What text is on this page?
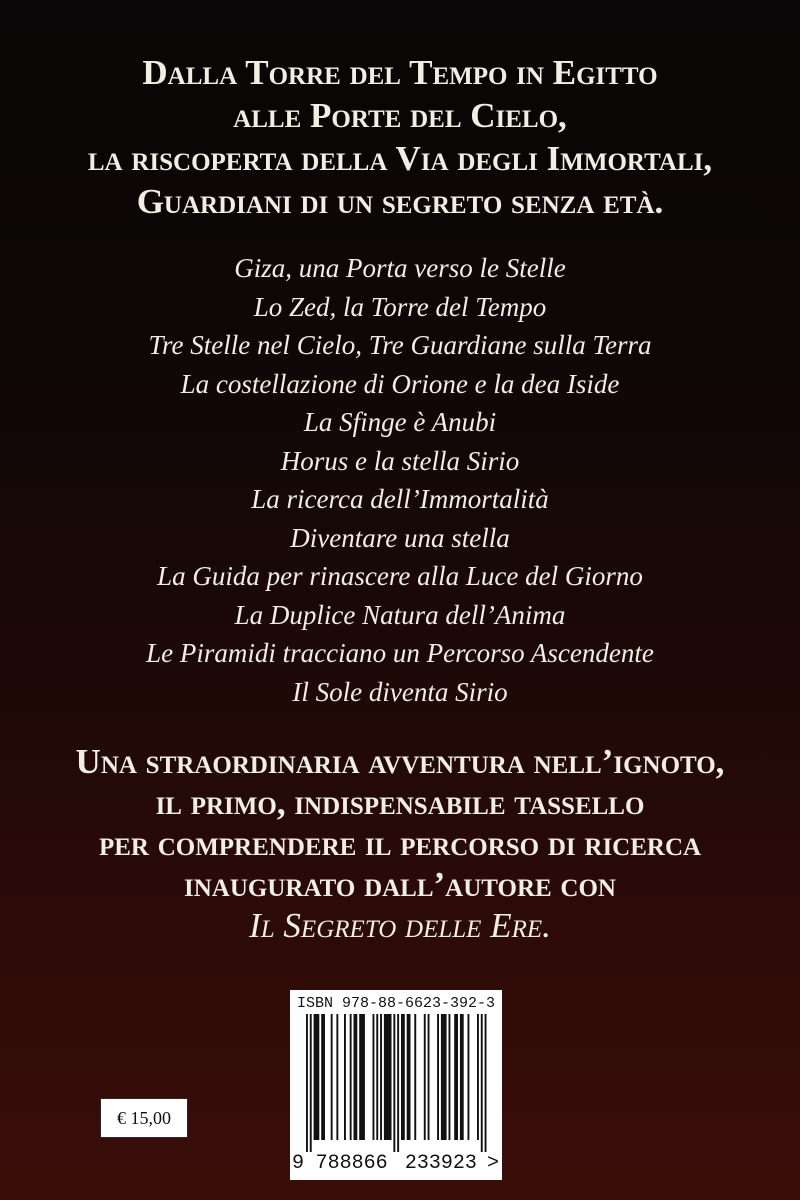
Dalla Torre del Tempo in Egitto
alle Porte del Cielo,
la riscoperta della Via degli Immortali,
Guardiani di un segreto senza età.
Giza, una Porta verso le Stelle
Lo Zed, la Torre del Tempo
Tre Stelle nel Cielo, Tre Guardiane sulla Terra
La costellazione di Orione e la dea Iside
La Sfinge è Anubi
Horus e la stella Sirio
La ricerca dell’Immortalità
Diventare una stella
La Guida per rinascere alla Luce del Giorno
La Duplice Natura dell’Anima
Le Piramidi tracciano un Percorso Ascendente
Il Sole diventa Sirio
Una straordinaria avventura nell’ignoto,
il primo, indispensabile tassello
per comprendere il percorso di ricerca
inaugurato dall’autore con
Il Segreto delle Ere.
ISBN 978-88-6623-392-3
9 788866 233923 >
€ 15,00
